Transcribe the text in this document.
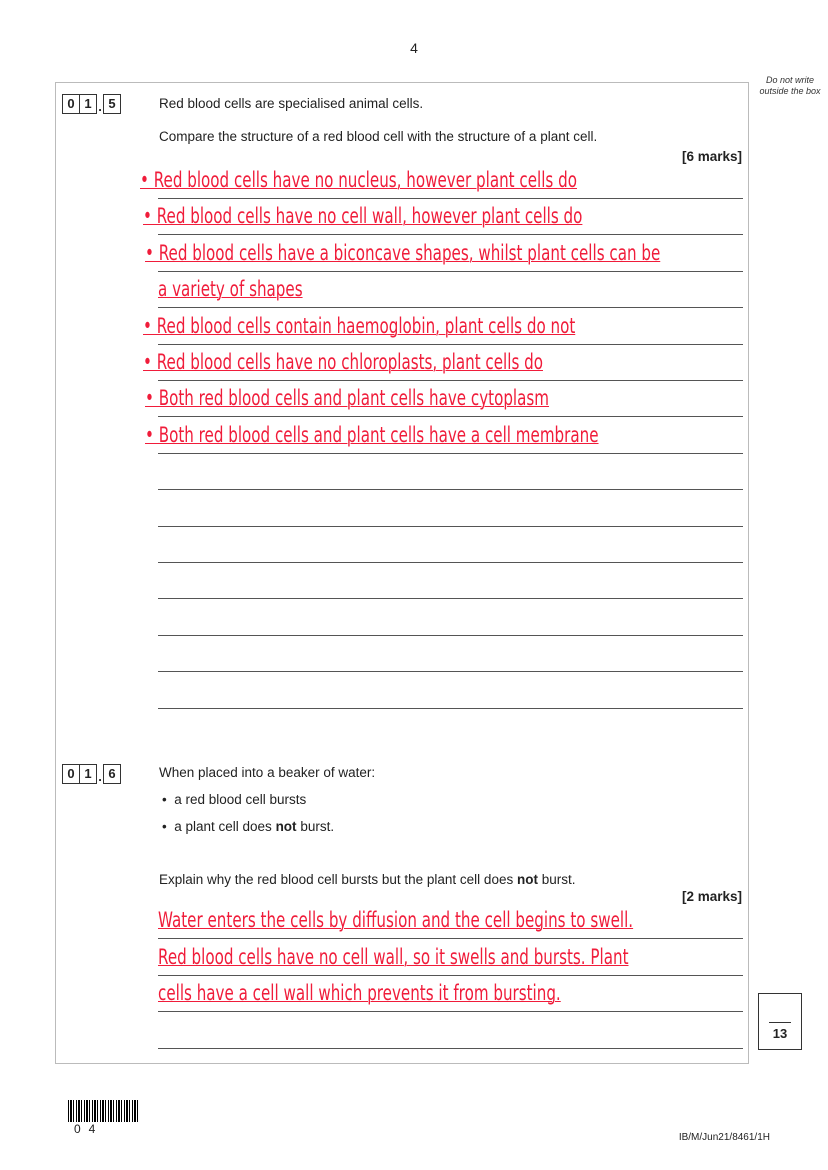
4
Do not write outside the box
0 1 . 5	Red blood cells are specialised animal cells.
Compare the structure of a red blood cell with the structure of a plant cell.
[6 marks]
• Red blood cells have no nucleus, however plant cells do
• Red blood cells have no cell wall, however plant cells do
• Red blood cells have a biconcave shapes, whilst plant cells can be
a variety of shapes
• Red blood cells contain haemoglobin, plant cells do not
• Red blood cells have no chloroplasts, plant cells do
• Both red blood cells and plant cells have cytoplasm
• Both red blood cells and plant cells have a cell membrane
0 1 . 6	When placed into a beaker of water:
•  a red blood cell bursts
•  a plant cell does not burst.
Explain why the red blood cell bursts but the plant cell does not burst.
[2 marks]
Water enters the cells by diffusion and the cell begins to swell.
Red blood cells have no cell wall, so it swells and bursts. Plant
cells have a cell wall which prevents it from bursting.
13
04
IB/M/Jun21/8461/1H
